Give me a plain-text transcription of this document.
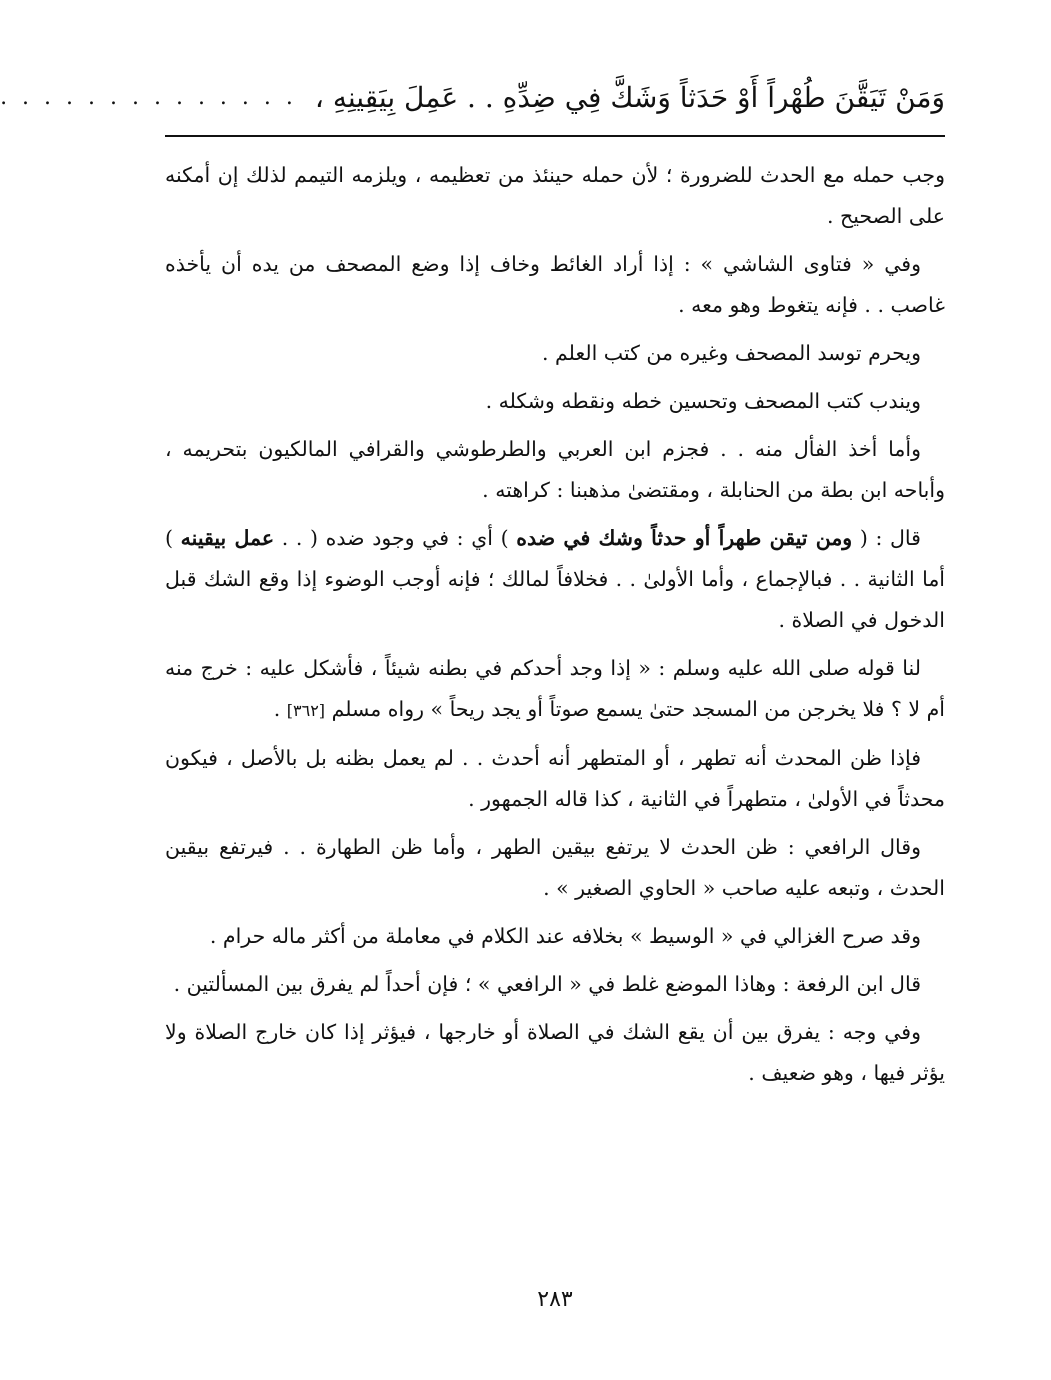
وَمَنْ تَيَقَّنَ طُهْراً أَوْ حَدَثاً وَشَكَّ فِي ضِدِّهِ . . عَمِلَ بِيَقِينِهِ ،
. . . . . . . . . . . . . .

وجب حمله مع الحدث للضرورة ؛ لأن حمله حينئذ من تعظيمه ، ويلزمه التيمم لذلك إن أمكنه على الصحيح .

وفي « فتاوى الشاشي » : إذا أراد الغائط وخاف إذا وضع المصحف من يده أن يأخذه غاصب . . فإنه يتغوط وهو معه .

ويحرم توسد المصحف وغيره من كتب العلم .

ويندب كتب المصحف وتحسين خطه ونقطه وشكله .

وأما أخذ الفأل منه . . فجزم ابن العربي والطرطوشي والقرافي المالكيون بتحريمه ، وأباحه ابن بطة من الحنابلة ، ومقتضىٰ مذهبنا : كراهته .

قال : ( ومن تيقن طهراً أو حدثاً وشك في ضده ) أي : في وجود ضده ( . . عمل بيقينه ) أما الثانية . . فبالإجماع ، وأما الأولىٰ . . فخلافاً لمالك ؛ فإنه أوجب الوضوء إذا وقع الشك قبل الدخول في الصلاة .

لنا قوله صلى الله عليه وسلم : « إذا وجد أحدكم في بطنه شيئاً ، فأشكل عليه : خرج منه أم لا ؟ فلا يخرجن من المسجد حتىٰ يسمع صوتاً أو يجد ريحاً » رواه مسلم [٣٦٢] .

فإذا ظن المحدث أنه تطهر ، أو المتطهر أنه أحدث . . لم يعمل بظنه بل بالأصل ، فيكون محدثاً في الأولىٰ ، متطهراً في الثانية ، كذا قاله الجمهور .

وقال الرافعي : ظن الحدث لا يرتفع بيقين الطهر ، وأما ظن الطهارة . . فيرتفع بيقين الحدث ، وتبعه عليه صاحب « الحاوي الصغير » .

وقد صرح الغزالي في « الوسيط » بخلافه عند الكلام في معاملة من أكثر ماله حرام .

قال ابن الرفعة : وهاذا الموضع غلط في « الرافعي » ؛ فإن أحداً لم يفرق بين المسألتين .

وفي وجه : يفرق بين أن يقع الشك في الصلاة أو خارجها ، فيؤثر إذا كان خارج الصلاة ولا يؤثر فيها ، وهو ضعيف .

٢٨٣
